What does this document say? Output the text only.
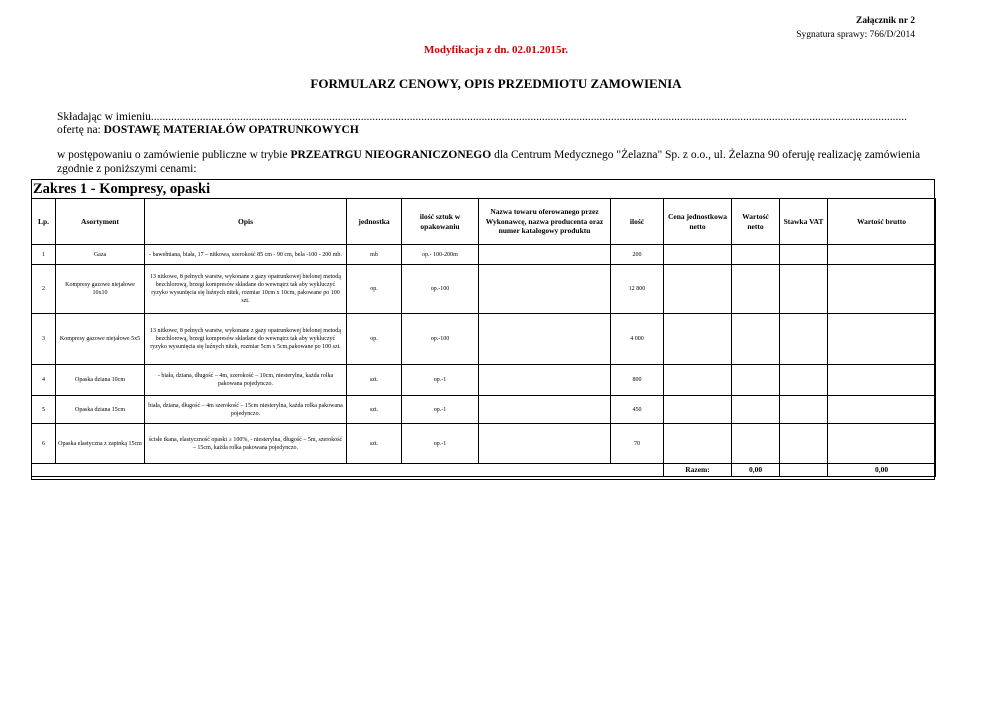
Załącznik nr 2
Sygnatura sprawy: 766/D/2014
Modyfikacja z dn. 02.01.2015r.
FORMULARZ CENOWY, OPIS PRZEDMIOTU ZAMOWIENIA
Składając w imieniu.......................................................................................................................................................................................................................................................................

ofertę na: DOSTAWĘ MATERIAŁÓW OPATRUNKOWYCH

w postępowaniu o zamówienie publiczne w trybie PRZEATRGU NIEOGRANICZONEGO dla Centrum Medycznego "Żelazna" Sp. z o.o., ul. Żelazna 90 oferuję realizację zamówienia zgodnie z poniższymi cenami:
Zakres 1 - Kompresy, opaski
Lp.	Asortyment	Opis	jednostka	ilość sztuk w opakowaniu	Nazwa towaru oferowanego przez Wykonawcę, nazwa producenta oraz numer katalogowy produktu	ilość	Cena jednostkowa netto	Wartość netto	Stawka VAT	Wartość brutto
1	Gaza	- bawełniana, biała, 17 – nitkowa, szerokość 85 cm - 90 cm, bela -100 - 200 mb.	mb	op.- 100-200m		200				
2	Kompresy gazowe niejałowe 10x10	13 nitkowe, 8 pełnych warstw, wykonane z gazy opatrunkowej bielonej metodą bezchlorową, brzegi kompresów składane do wewnątrz tak aby wykluczyć ryzyko wysunięcia się luźnych nitek, rozmiar 10cm x 10cm, pakowane po 100 szt.	op.	op.-100		12 800				
3	Kompresy gazowe niejałowe 5x5	13 nitkowe, 8 pełnych warstw, wykonane z gazy opatrunkowej bielonej metodą bezchlorową, brzegi kompresów składane do wewnątrz tak aby wykluczyć ryzyko wysunięcia się luźnych nitek, rozmiar 5cm x 5cm,pakowane po 100 szt.	op.	op.-100		4 000				
4	Opaska dziana 10cm	- biała, dziana, długość – 4m, szerokość – 10cm, niesterylna, każda rolka pakowana pojedynczo.	szt.	op.-1		800				
5	Opaska dziana 15cm	biała, dziana, długość – 4m szerokość – 15cm niesterylna, każda rolka pakowana pojedynczo.	szt.	op.-1		450				
6	Opaska elastyczna z zapinką 15cm	ścisłe tkana, elastyczność opaski ≥ 100%, - niesterylna, długość – 5m, szerokość – 15cm, każda rolka pakowana pojedynczo.	szt.	op.-1		70				
							Razem:	0,00		0,00
